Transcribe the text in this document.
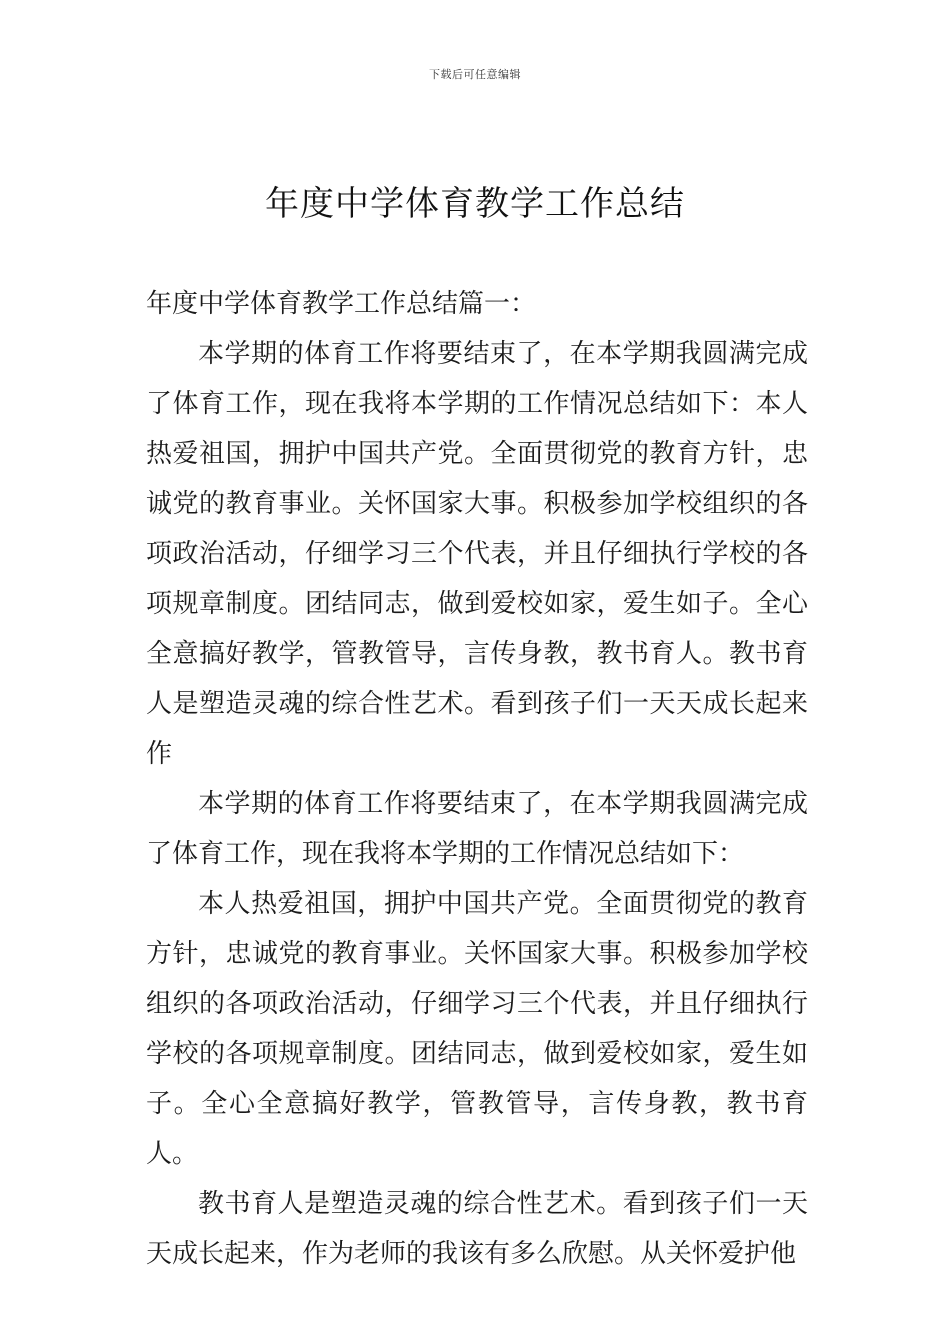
下载后可任意编辑
年度中学体育教学工作总结

年度中学体育教学工作总结篇一：

本学期的体育工作将要结束了，在本学期我圆满完成了体育工作，现在我将本学期的工作情况总结如下：本人热爱祖国，拥护中国共产党。全面贯彻党的教育方针，忠诚党的教育事业。关怀国家大事。积极参加学校组织的各项政治活动，仔细学习三个代表，并且仔细执行学校的各项规章制度。团结同志，做到爱校如家，爱生如子。全心全意搞好教学，管教管导，言传身教，教书育人。教书育人是塑造灵魂的综合性艺术。看到孩子们一天天成长起来作

本学期的体育工作将要结束了，在本学期我圆满完成了体育工作，现在我将本学期的工作情况总结如下：

本人热爱祖国，拥护中国共产党。全面贯彻党的教育方针，忠诚党的教育事业。关怀国家大事。积极参加学校组织的各项政治活动，仔细学习三个代表，并且仔细执行学校的各项规章制度。团结同志，做到爱校如家，爱生如子。全心全意搞好教学，管教管导，言传身教，教书育人。

教书育人是塑造灵魂的综合性艺术。看到孩子们一天天成长起来，作为老师的我该有多么欣慰。从关怀爱护他
